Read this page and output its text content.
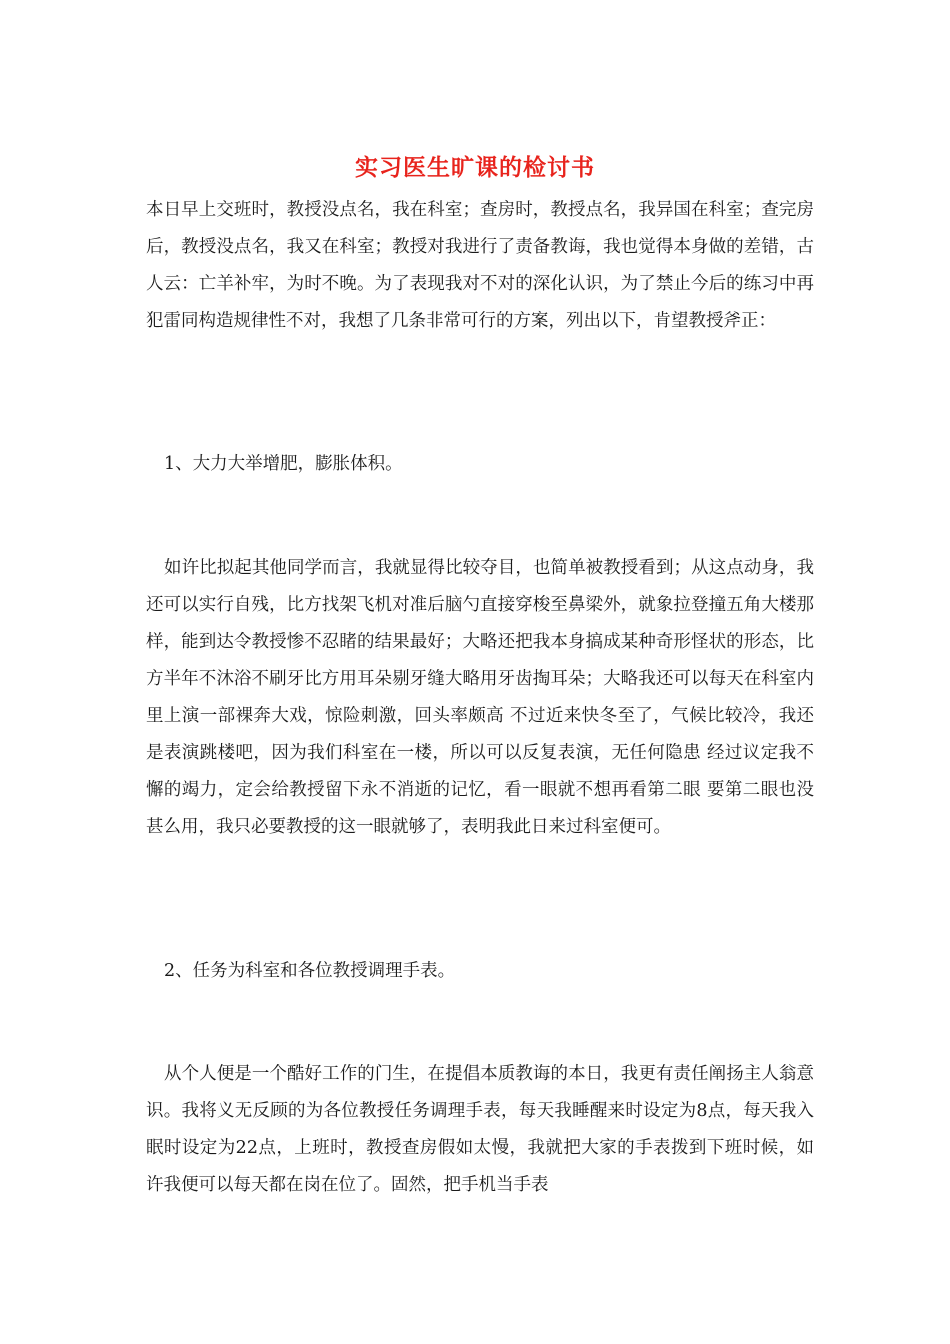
实习医生旷课的检讨书
本日早上交班时，教授没点名，我在科室；查房时，教授点名，我异国在科室；查完房后，教授没点名，我又在科室；教授对我进行了责备教诲，我也觉得本身做的差错，古人云：亡羊补牢，为时不晚。为了表现我对不对的深化认识，为了禁止今后的练习中再犯雷同构造规律性不对，我想了几条非常可行的方案，列出以下，肯望教授斧正：
1、大力大举增肥，膨胀体积。
如许比拟起其他同学而言，我就显得比较夺目，也简单被教授看到；从这点动身，我还可以实行自残，比方找架飞机对准后脑勺直接穿梭至鼻梁外，就象拉登撞五角大楼那样，能到达令教授惨不忍睹的结果最好；大略还把我本身搞成某种奇形怪状的形态，比方半年不沐浴不刷牙比方用耳朵剔牙缝大略用牙齿掏耳朵；大略我还可以每天在科室内里上演一部裸奔大戏，惊险刺激，回头率颇高 不过近来快冬至了，气候比较冷，我还是表演跳楼吧，因为我们科室在一楼，所以可以反复表演，无任何隐患 经过议定我不懈的竭力，定会给教授留下永不消逝的记忆，看一眼就不想再看第二眼 要第二眼也没甚么用，我只必要教授的这一眼就够了，表明我此日来过科室便可。
2、任务为科室和各位教授调理手表。
从个人便是一个酷好工作的门生，在提倡本质教诲的本日，我更有责任阐扬主人翁意识。我将义无反顾的为各位教授任务调理手表，每天我睡醒来时设定为8点，每天我入眠时设定为22点，上班时，教授查房假如太慢，我就把大家的手表拨到下班时候，如许我便可以每天都在岗在位了。固然，把手机当手表
